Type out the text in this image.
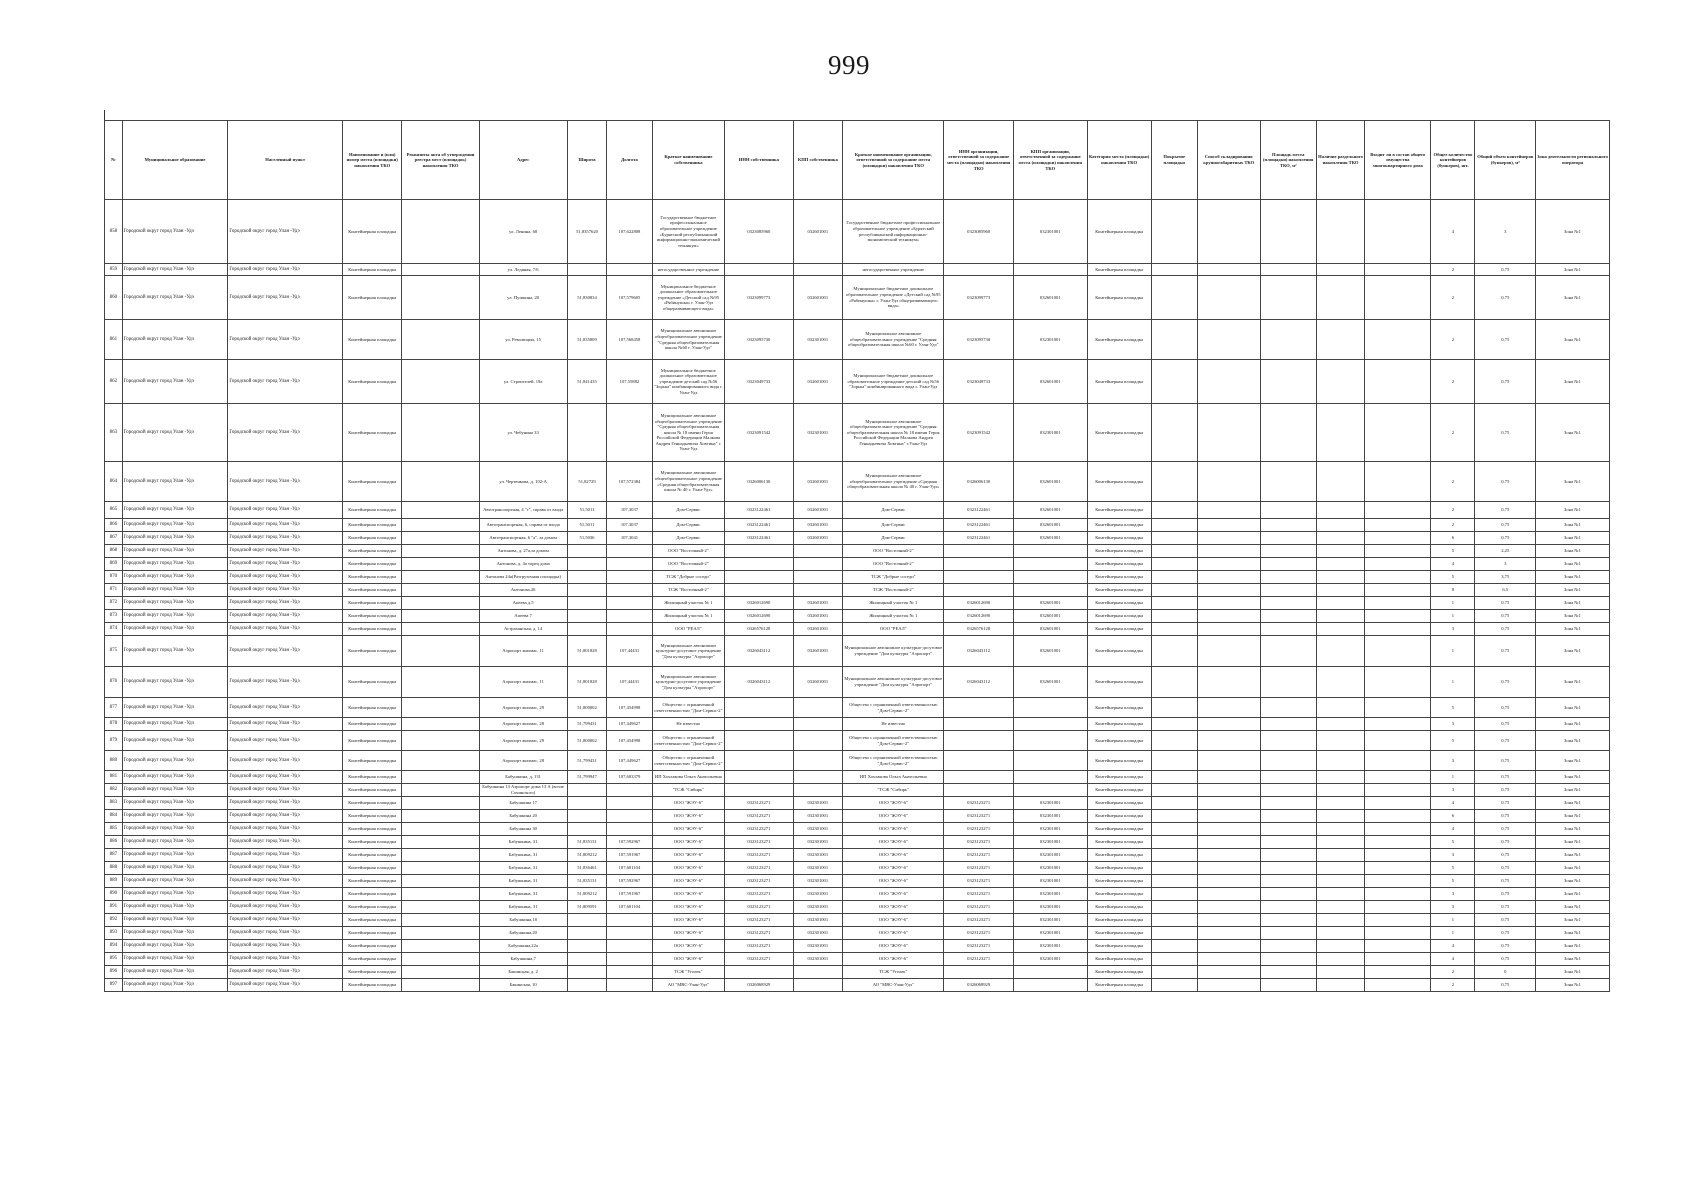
999
№	Муниципальное образование	Населенный пункт	Наименование и (или) номер места (площадки) накопления ТКО	Реквизиты акта об утверждении реестра мест (площадок) накопления ТКО	Адрес	Широта	Долгота	Краткое наименование собственника	ИНН собственника	КПП собственника	Краткое наименование организации, ответственной за содержание места (площадки) накопления ТКО	ИНН организации, ответственной за содержание места (площадки) накопления ТКО	КПП организации, ответственной за содержание места (площадки) накопления ТКО	Категория места (площадки) накопления ТКО	Покрытие площадки	Способ складирования крупногабаритных ТКО	Площадь места (площадки) накопления ТКО, м²	Наличие раздельного накопления ТКО	Входит ли в состав общего имущества многоквартирного дома	Общее количество контейнеров (бункеров), шт.	Общий объем контейнеров (бункеров), м³	Зона деятельности регионального оператора
858	Городской округ город Улан -Удэ	Городской округ город Улан -Удэ	Контейнерная площадка		ул. Ленина, 68	51,8357620	107,622808	Государственное бюджетное профессиональное образовательное учреждение «Бурятский республиканский информационно-экономический техникум»	0323085960	032601001	Государственное бюджетное профессиональное образовательное учреждение «Бурятский республиканский информационно-экономический техникум»	0323085960	032301001	Контейнерная площадка						4	3	Зона №1
859	Городской округ город Улан -Удэ	Городской округ город Улан -Удэ	Контейнерная площадка		ул. Ледяная, 7/6			негосударственное учреждение			негосударственное учреждение			Контейнерная площадка						2	0,75	Зона №1
860	Городской округ город Улан -Удэ	Городской округ город Улан -Удэ	Контейнерная площадка		ул. Пушкина, 20	51,830834	107,579605	Муниципальное бюджетное дошкольное образовательное учреждение «Детский сад №95 «Рябинушка» г. Улан-Удэ общеразвивающего вида»	0323099773	032601001	Муниципальное бюджетное дошкольное образовательное учреждение «Детский сад №95 «Рябинушка» г. Улан-Удэ общеразвивающего вида»	0323099773	032601001	Контейнерная площадка						2	0,75	Зона №1
861	Городской округ город Улан -Удэ	Городской округ город Улан -Удэ	Контейнерная площадка		ул. Революции, 15	51,835809	107,568458	Муниципальное автономное общеобразовательное учреждение "Средняя общеобразовательная школа №60 г. Улан-Удэ"	0323095730	032301001	Муниципальное автономное общеобразовательное учреждение "Средняя общеобразовательная школа №60 г. Улан-Удэ"	0323095730	032301001	Контейнерная площадка						2	0,75	Зона №1
862	Городской округ город Улан -Удэ	Городской округ город Улан -Удэ	Контейнерная площадка		ул. Строителей, 19а	51,841435	107,55882	Муниципальное бюджетное дошкольное образовательное учреждение детский сад №56 "Зорька" комбинированного вида г. Улан-Удэ	0323049733	032601001	Муниципальное бюджетное дошкольное образовательное учреждение детский сад №56 "Зорька" комбинированного вида г. Улан-Удэ	0323049733	032601001	Контейнерная площадка						2	0,75	Зона №1
863	Городской округ город Улан -Удэ	Городской округ город Улан -Удэ	Контейнерная площадка		ул. Чебунина 33			Муниципальное автономное общеобразовательное учреждение "Средняя общеобразовательная школа № 18 имени Героя Российской Федерации Малкова Андрея Геннадьевича Ховгина" г. Улан-Удэ	0323091542	032301001	Муниципальное автономное общеобразовательное учреждение "Средняя общеобразовательная школа № 18 имени Героя Российской Федерации Малкова Андрея Геннадьевича Ховгина" г.Улан-Удэ	0323091542	032301001	Контейнерная площадка						2	0,75	Зона №1
864	Городской округ город Улан -Удэ	Городской округ город Улан -Удэ	Контейнерная площадка		ул. Чертенкова, д. 102-А	51,82729	107,572384	Муниципальное автономное общеобразовательное учреждение «Средняя общеобразовательная школа № 40 г. Улан-Удэ»	0326006130	032601001	Муниципальное автономное общеобразовательное учреждение «Средняя общеобразовательная школа № 40 г. Улан-Удэ»	0326006130	032601001	Контейнерная площадка						2	0,75	Зона №1
865	Городской округ город Улан -Удэ	Городской округ город Улан -Удэ	Контейнерная площадка		Автотранспортная, 4 "г", справа от входа	51,5011	107,3037	Дом-Сервис	0323122461	032601001	Дом-Сервис	0323122461	032601001	Контейнерная площадка						2	0,75	Зона №1
866	Городской округ город Улан -Удэ	Городской округ город Улан -Удэ	Контейнерная площадка		Автотранспортная, 6, справа от входа	51,5011	107,3037	Дом-Сервис	0323122461	032601001	Дом-Сервис	0323122461	032601001	Контейнерная площадка						2	0,75	Зона №1
867	Городской округ город Улан -Удэ	Городской округ город Улан -Удэ	Контейнерная площадка		Автотранспортная, 6 "а", за домом	51,5036	107,3041	Дом-Сервис	0323122461	032601001	Дом-Сервис	0323122461	032601001	Контейнерная площадка						6	0,75	Зона №1
868	Городской округ город Улан -Удэ	Городской округ город Улан -Удэ	Контейнерная площадка		Антонова, д. 27а,за домом			ООО "Восточный-2"			ООО "Восточный-2"			Контейнерная площадка						5	2,25	Зона №1
869	Городской округ город Улан -Удэ	Городской округ город Улан -Удэ	Контейнерная площадка		Антонова, д. 4а торец дома			ООО "Восточный-2"			ООО "Восточный-2"			Контейнерная площадка						4	3	Зона №1
870	Городской округ город Улан -Удэ	Городской округ город Улан -Удэ	Контейнерная площадка		Антонова 24а(Разгрузочная площадка)			ТСЖ "Добрые соседи"			ТСЖ "Добрые соседи"			Контейнерная площадка						5	3,75	Зона №1
871	Городской округ город Улан -Удэ	Городской округ город Улан -Удэ	Контейнерная площадка		Антонова,26			ТСЖ "Восточный-2"			ТСЖ "Восточный-2"			Контейнерная площадка						8	6,5	Зона №1
872	Городской округ город Улан -Удэ	Городской округ город Улан -Удэ	Контейнерная площадка		Апеева д.5			Жилищный участок № 1	0326012690	032601001	Жилищный участок № 1	0326012690	032601001	Контейнерная площадка						1	0,75	Зона №1
873	Городской округ город Улан -Удэ	Городской округ город Улан -Удэ	Контейнерная площадка		Апеева 7			Жилищный участок № 1	0326012690	032601001	Жилищный участок № 1	0326012690	032601001	Контейнерная площадка						1	0,75	Зона №1
874	Городской округ город Улан -Удэ	Городской округ город Улан -Удэ	Контейнерная площадка		Астраханская, д. 14			ООО "РЕАЛ"	0326576128	032601001	ООО "РЕАЛ"	0326576128	032601001	Контейнерная площадка						3	0,75	Зона №1
875	Городской округ город Улан -Удэ	Городской округ город Улан -Удэ	Контейнерная площадка		Аэропорт жилмас, 11	51,801828	107,44431	Муниципальное автономное культурно-досуговое учреждение "Дом культуры "Аэропорт"	0326043112	032601001	Муниципальное автономное культурно-досуговое учреждение "Дом культуры "Аэропорт"	0326043112	032601001	Контейнерная площадка						1	0,75	Зона №1
876	Городской округ город Улан -Удэ	Городской округ город Улан -Удэ	Контейнерная площадка		Аэропорт жилмас, 11	51,801828	107,44431	Муниципальное автономное культурно-досуговое учреждение "Дом культуры "Аэропорт"	0326043112	032601001	Муниципальное автономное культурно-досуговое учреждение "Дом культуры "Аэропорт"	0326043112	032601001	Контейнерная площадка						1	0,75	Зона №1
877	Городской округ город Улан -Удэ	Городской округ город Улан -Удэ	Контейнерная площадка		Аэропорт жилмас, 29	51,800002	107,454998	Общество с ограниченной ответственностью "Дом-Сервис-2"			Общество с ограниченной ответственностью "Дом-Сервис-2"			Контейнерная площадка						5	0,75	Зона №1
878	Городской округ город Улан -Удэ	Городской округ город Улан -Удэ	Контейнерная площадка		Аэропорт жилмас, 28	51,799431	107,449627	Не известно			Не известно			Контейнерная площадка						3	0,75	Зона №1
879	Городской округ город Улан -Удэ	Городской округ город Улан -Удэ	Контейнерная площадка		Аэропорт жилмас, 29	51,800002	107,454998	Общество с ограниченной ответственностью "Дом-Сервис-2"			Общество с ограниченной ответственностью "Дом-Сервис-2"			Контейнерная площадка						5	0,75	Зона №1
880	Городской округ город Улан -Удэ	Городской округ город Улан -Удэ	Контейнерная площадка		Аэропорт жилмас, 28	51,799431	107,449627	Общество с ограниченной ответственностью "Дом-Сервис-2"			Общество с ограниченной ответственностью "Дом-Сервис-2"			Контейнерная площадка						3	0,75	Зона №1
881	Городской округ город Улан -Удэ	Городской округ город Улан -Удэ	Контейнерная площадка		Бабушкина, д. 131	51,799947	107,603379	ИП Хохлакова Ольга Анатольевна			ИП Хохлакова Ольга Анатольевна			Контейнерная площадка						1	0,75	Зона №1
882	Городской округ город Улан -Удэ	Городской округ город Улан -Удэ	Контейнерная площадка		Бабушкина 13 Аэропорт дома 13 А (возле Сочинского)			"ТСЖ "Сибирь"			"ТСЖ "Сибирь"			Контейнерная площадка						3	0,75	Зона №1
883	Городской округ город Улан -Удэ	Городской округ город Улан -Удэ	Контейнерная площадка		Бабушкина 17			ООО "ЖЭУ-6"	0323123271	032301001	ООО "ЖЭУ-6"	0323123271	032301001	Контейнерная площадка						4	0,75	Зона №1
884	Городской округ город Улан -Удэ	Городской округ город Улан -Удэ	Контейнерная площадка		Бабушкина 20			ООО "ЖЭУ-6"	0323123271	032301001	ООО "ЖЭУ-6"	0323123271	032301001	Контейнерная площадка						6	0,75	Зона №1
885	Городской округ город Улан -Удэ	Городской округ город Улан -Удэ	Контейнерная площадка		Бабушкина 30			ООО "ЖЭУ-6"	0323123271	032301001	ООО "ЖЭУ-6"	0323123271	032301001	Контейнерная площадка						4	0,75	Зона №1
886	Городской округ город Улан -Удэ	Городской округ город Улан -Удэ	Контейнерная площадка		Бабушкина, 31	51,835131	107,592967	ООО "ЖЭУ-6"	0323123271	032301001	ООО "ЖЭУ-6"	0323123271	032301001	Контейнерная площадка						5	0,75	Зона №1
887	Городской округ город Улан -Удэ	Городской округ город Улан -Удэ	Контейнерная площадка		Бабушкина, 31	51,809212	107,591967	ООО "ЖЭУ-6"	0323123271	032301001	ООО "ЖЭУ-6"	0323123271	032301001	Контейнерная площадка						3	0,75	Зона №1
888	Городской округ город Улан -Удэ	Городской округ город Улан -Удэ	Контейнерная площадка		Бабушкина, 31	51,836461	107,601104	ООО "ЖЭУ-6"	0323123271	032301001	ООО "ЖЭУ-6"	0323123271	032301001	Контейнерная площадка						5	0,75	Зона №1
889	Городской округ город Улан -Удэ	Городской округ город Улан -Удэ	Контейнерная площадка		Бабушкина, 31	51,835131	107,592967	ООО "ЖЭУ-6"	0323123271	032301001	ООО "ЖЭУ-6"	0323123271	032301001	Контейнерная площадка						5	0,75	Зона №1
890	Городской округ город Улан -Удэ	Городской округ город Улан -Удэ	Контейнерная площадка		Бабушкина, 31	51,809212	107,591967	ООО "ЖЭУ-6"	0323123271	032301001	ООО "ЖЭУ-6"	0323123271	032301001	Контейнерная площадка						3	0,75	Зона №1
891	Городской округ город Улан -Удэ	Городской округ город Улан -Удэ	Контейнерная площадка		Бабушкина, 31	51,809591	107,601104	ООО "ЖЭУ-6"	0323123271	032301001	ООО "ЖЭУ-6"	0323123271	032301001	Контейнерная площадка						3	0,75	Зона №1
892	Городской округ город Улан -Удэ	Городской округ город Улан -Удэ	Контейнерная площадка		Бабушкина,18			ООО "ЖЭУ-6"	0323123271	032301001	ООО "ЖЭУ-6"	0323123271	032301001	Контейнерная площадка						1	0,75	Зона №1
893	Городской округ город Улан -Удэ	Городской округ город Улан -Удэ	Контейнерная площадка		Бабушкина,20			ООО "ЖЭУ-6"	0323123271	032301001	ООО "ЖЭУ-6"	0323123271	032301001	Контейнерная площадка						1	0,75	Зона №1
894	Городской округ город Улан -Удэ	Городской округ город Улан -Удэ	Контейнерная площадка		Бабушкина,22а			ООО "ЖЭУ-6"	0323123271	032301001	ООО "ЖЭУ-6"	0323123271	032301001	Контейнерная площадка						4	0,75	Зона №1
895	Городской округ город Улан -Удэ	Городской округ город Улан -Удэ	Контейнерная площадка		Бабушкина,7			ООО "ЖЭУ-6"	0323123271	032301001	ООО "ЖЭУ-6"	0323123271	032301001	Контейнерная площадка						4	0,75	Зона №1
896	Городской округ город Улан -Удэ	Городской округ город Улан -Удэ	Контейнерная площадка		Бакинская, д. 2			ТСЖ "Уголек"			ТСЖ "Уголек"			Контейнерная площадка						2	0	Зона №1
897	Городской округ город Улан -Удэ	Городской округ город Улан -Удэ	Контейнерная площадка		Бакинская, 10			АО "МВС-Улан-Удэ"	0326068929		АО "МВС-Улан-Удэ"	0326068929		Контейнерная площадка						2	0,75	Зона №1
